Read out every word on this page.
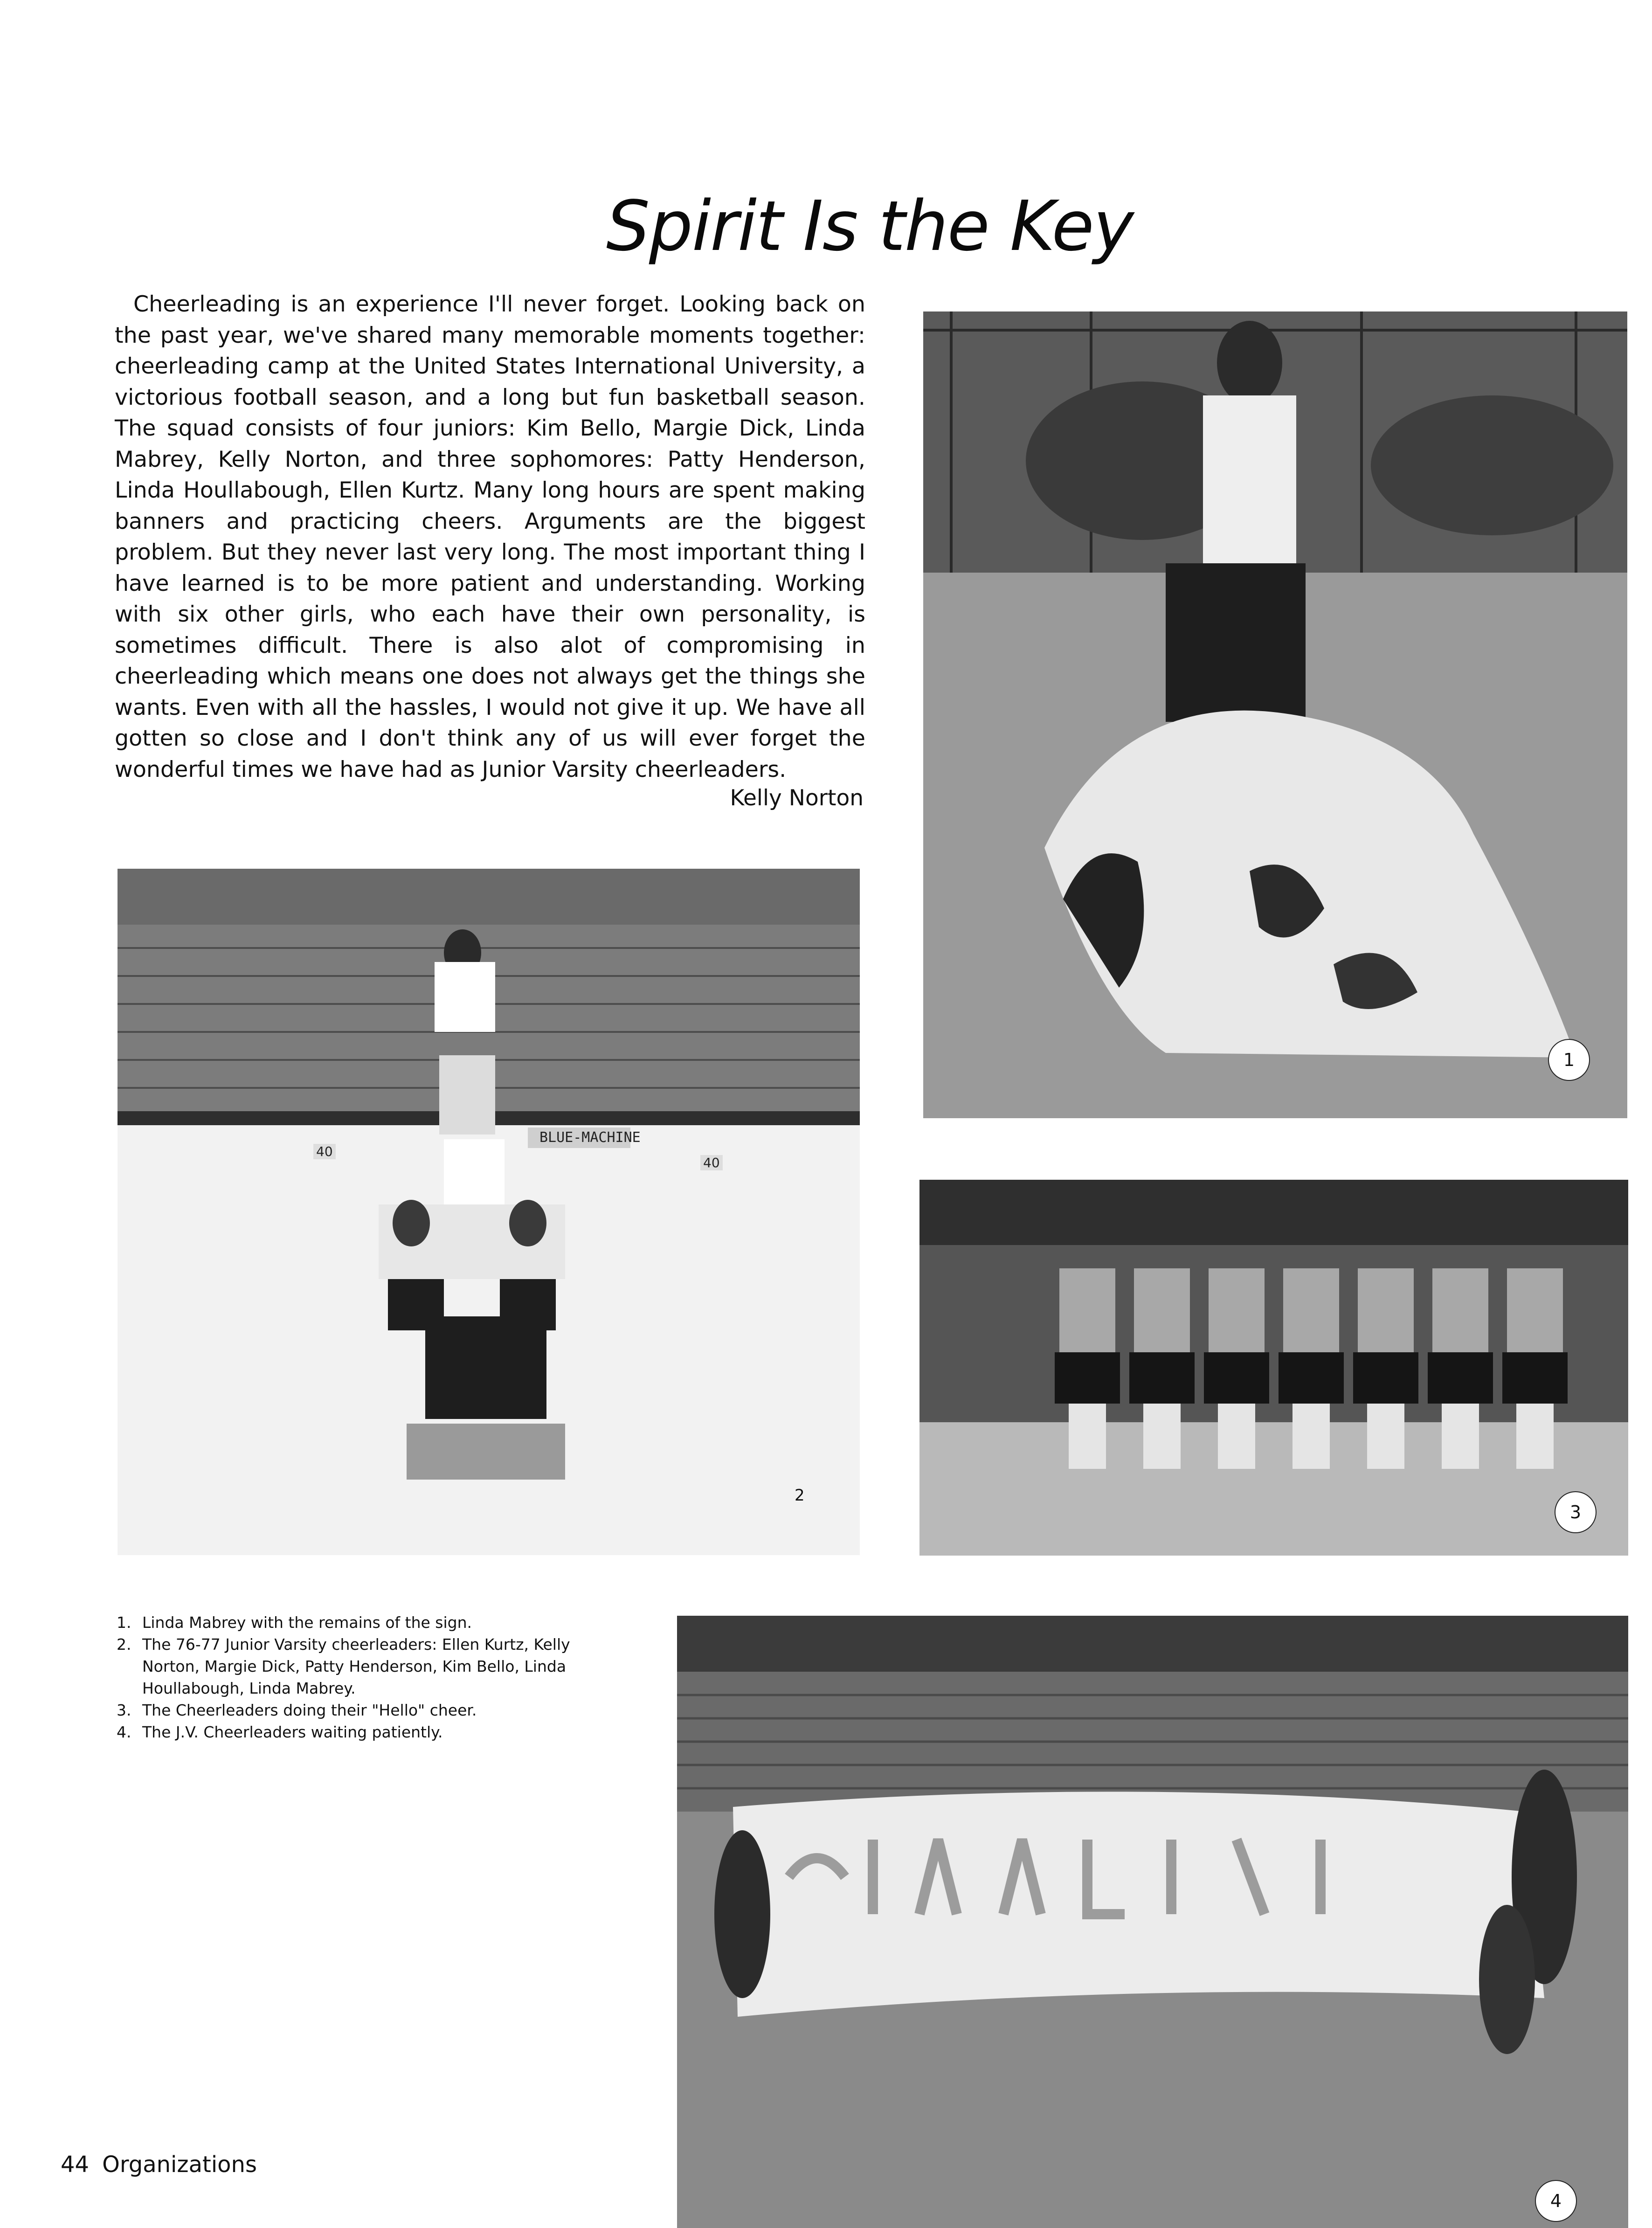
Spirit Is the Key

Cheerleading is an experience I'll never forget. Looking back on the past year, we've shared many memorable moments together: cheerleading camp at the United States International University, a victorious football season, and a long but fun basketball season. The squad consists of four juniors: Kim Bello, Margie Dick, Linda Mabrey, Kelly Norton, and three sophomores: Patty Henderson, Linda Houllabough, Ellen Kurtz. Many long hours are spent making banners and practicing cheers. Arguments are the biggest problem. But they never last very long. The most important thing I have learned is to be more patient and understanding. Working with six other girls, who each have their own personality, is sometimes difficult. There is also alot of compromising in cheerleading which means one does not always get the things she wants. Even with all the hassles, I would not give it up. We have all gotten so close and I don't think any of us will ever forget the wonderful times we have had as Junior Varsity cheerleaders.

Kelly Norton
1
BLUE-MACHINE
40
40
2
3
1. Linda Mabrey with the remains of the sign.
2. The 76-77 Junior Varsity cheerleaders: Ellen Kurtz, Kelly Norton, Margie Dick, Patty Henderson, Kim Bello, Linda Houllabough, Linda Mabrey.
3. The Cheerleaders doing their "Hello" cheer.
4. The J.V. Cheerleaders waiting patiently.
4
44 Organizations
